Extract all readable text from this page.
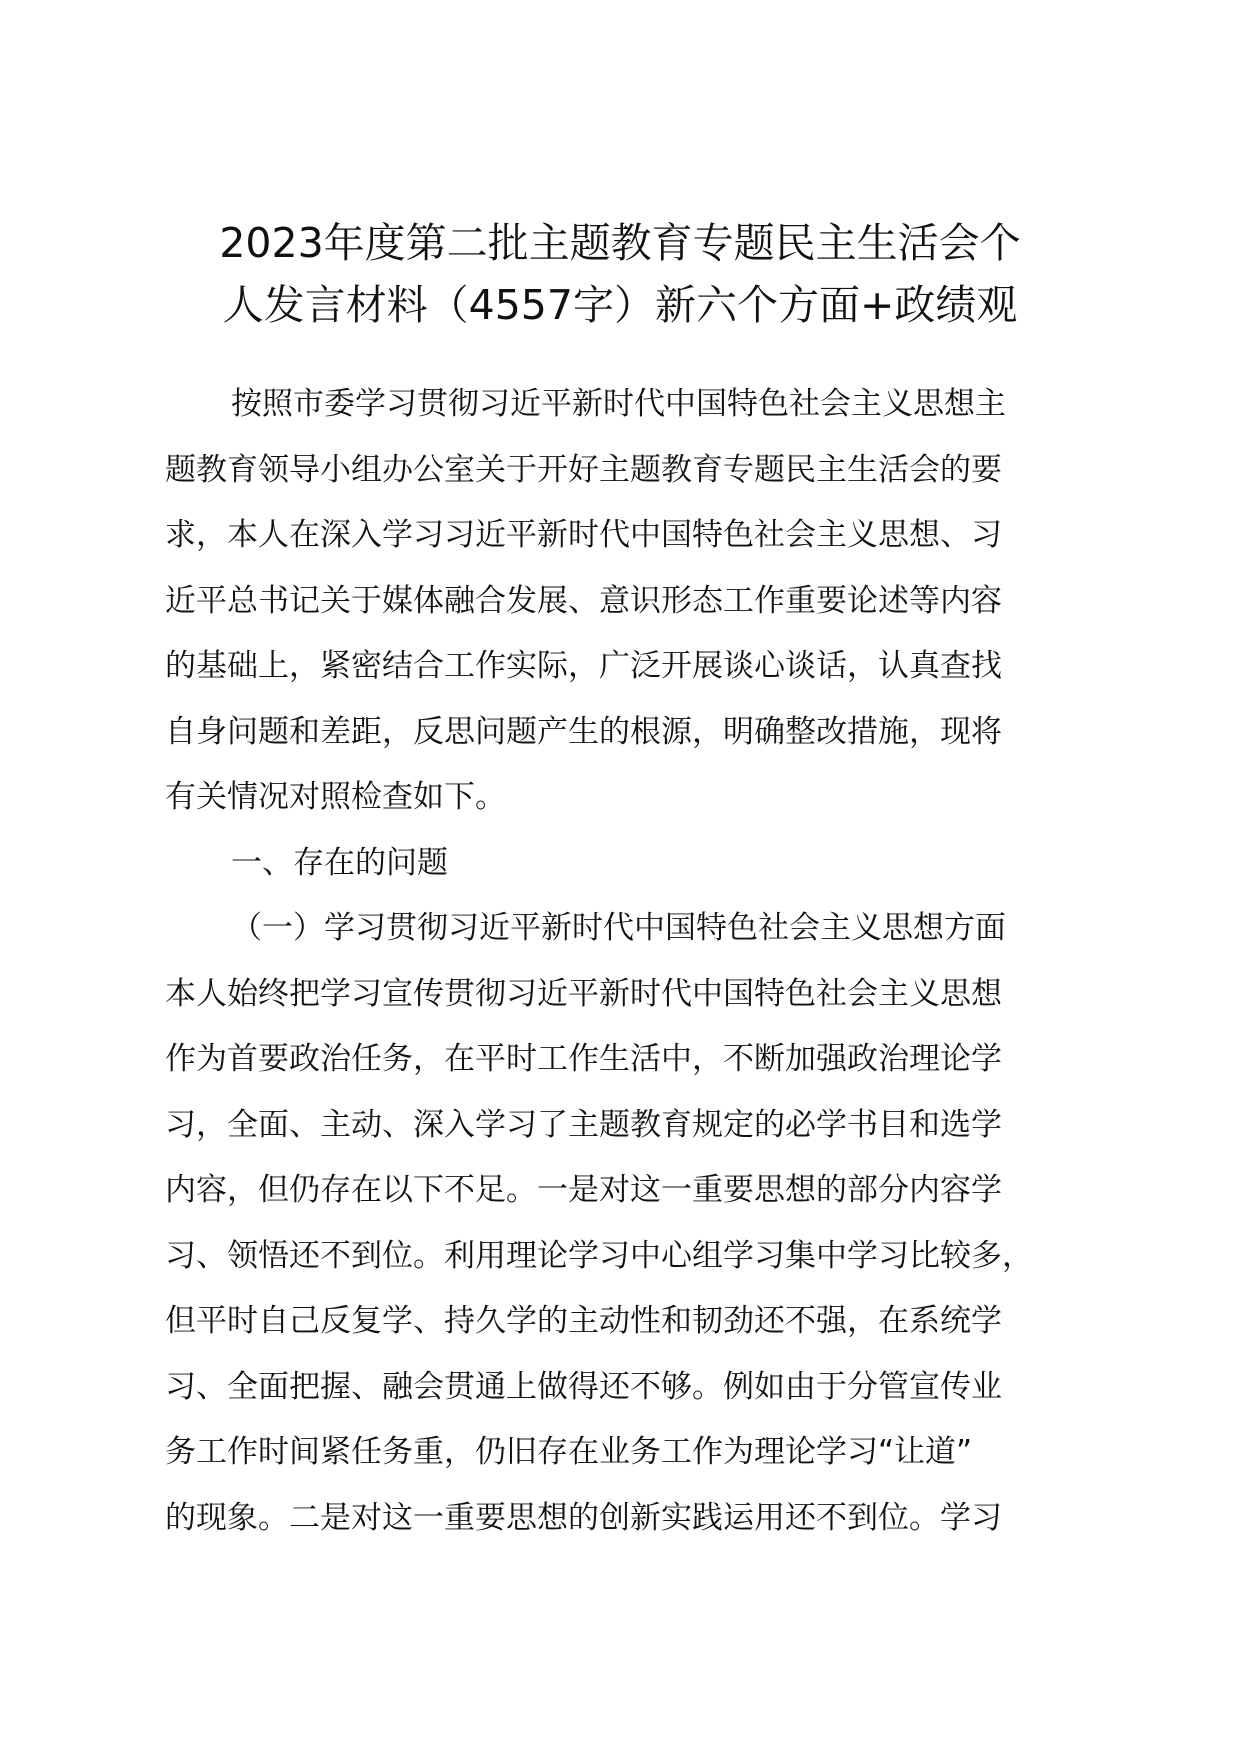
2023年度第二批主题教育专题民主生活会个
人发言材料（4557字）新六个方面+政绩观
按照市委学习贯彻习近平新时代中国特色社会主义思想主
题教育领导小组办公室关于开好主题教育专题民主生活会的要
求，本人在深入学习习近平新时代中国特色社会主义思想、习
近平总书记关于媒体融合发展、意识形态工作重要论述等内容
的基础上，紧密结合工作实际，广泛开展谈心谈话，认真查找
自身问题和差距，反思问题产生的根源，明确整改措施，现将
有关情况对照检查如下。
一、存在的问题
（一）学习贯彻习近平新时代中国特色社会主义思想方面
本人始终把学习宣传贯彻习近平新时代中国特色社会主义思想
作为首要政治任务，在平时工作生活中，不断加强政治理论学
习，全面、主动、深入学习了主题教育规定的必学书目和选学
内容，但仍存在以下不足。一是对这一重要思想的部分内容学
习、领悟还不到位。利用理论学习中心组学习集中学习比较多，
但平时自己反复学、持久学的主动性和韧劲还不强，在系统学
习、全面把握、融会贯通上做得还不够。例如由于分管宣传业
务工作时间紧任务重，仍旧存在业务工作为理论学习“让道”
的现象。二是对这一重要思想的创新实践运用还不到位。学习
